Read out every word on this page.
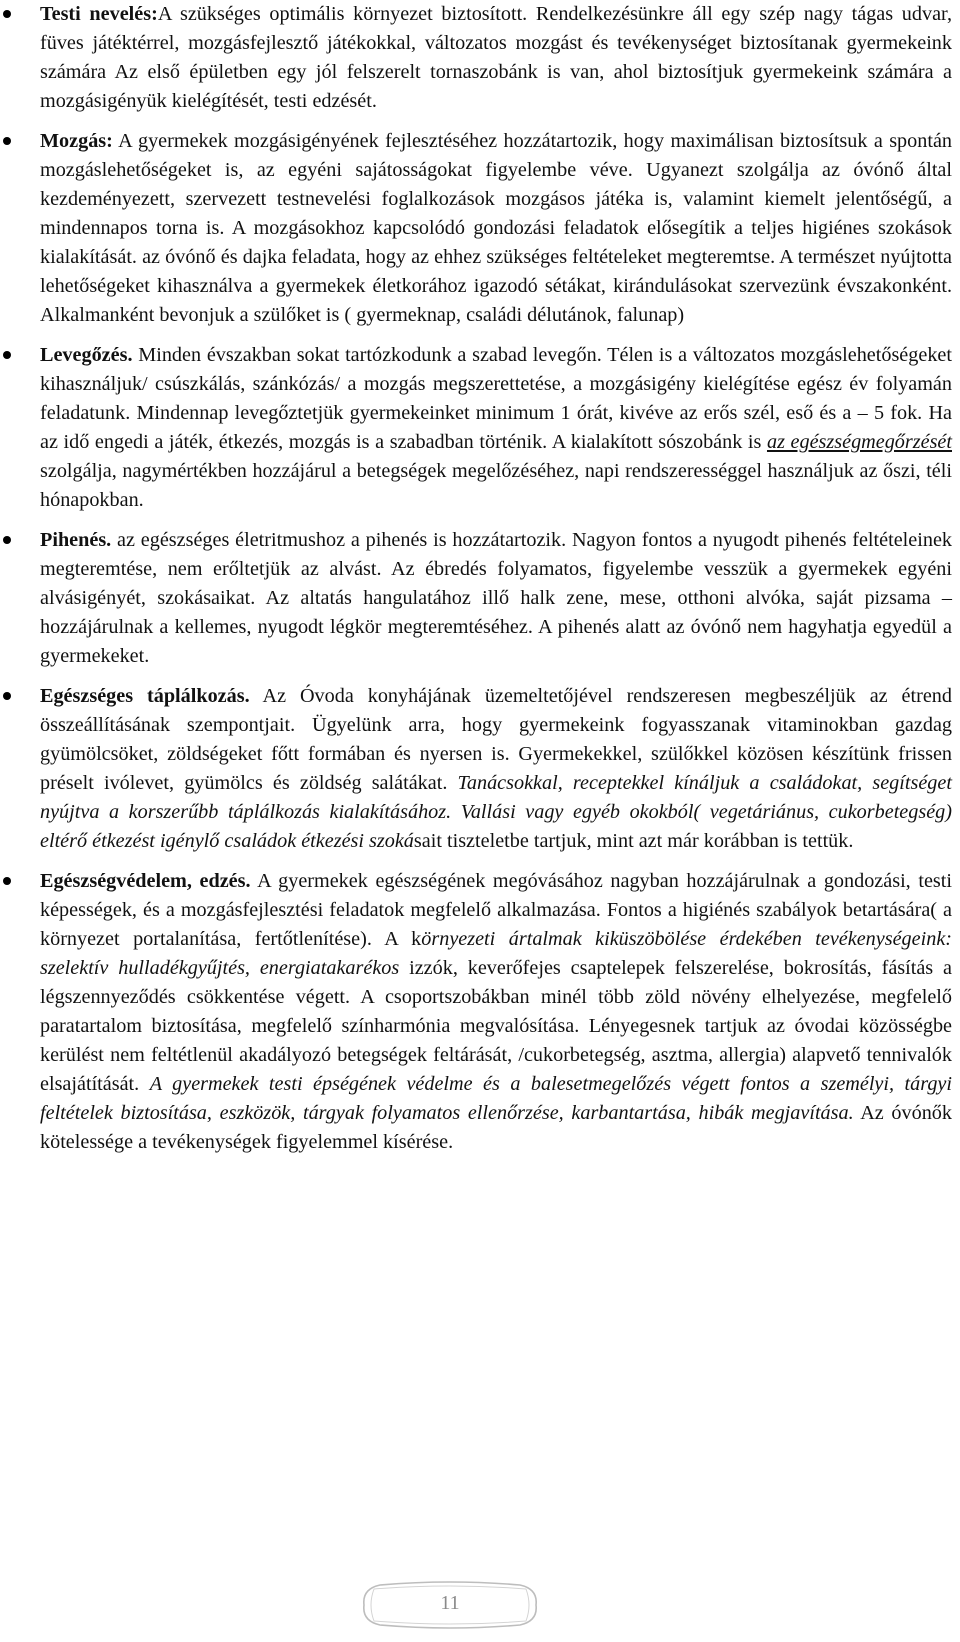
Testi nevelés:A szükséges optimális környezet biztosított. Rendelkezésünkre áll egy szép nagy tágas udvar, füves játéktérrel, mozgásfejlesztő játékokkal, változatos mozgást és tevékenységet biztosítanak gyermekeink számára Az első épületben egy jól felszerelt tornaszobánk is van, ahol biztosítjuk gyermekeink számára a mozgásigényük kielégítését, testi edzését.
Mozgás: A gyermekek mozgásigényének fejlesztéséhez hozzátartozik, hogy maximálisan biztosítsuk a spontán mozgáslehetőségeket is, az egyéni sajátosságokat figyelembe véve. Ugyanezt szolgálja az óvónő által kezdeményezett, szervezett testnevelési foglalkozások mozgásos játéka is, valamint kiemelt jelentőségű, a mindennapos torna is. A mozgásokhoz kapcsolódó gondozási feladatok elősegítik a teljes higiénes szokások kialakítását. az óvónő és dajka feladata, hogy az ehhez szükséges feltételeket megteremtse. A természet nyújtotta lehetőségeket kihasználva a gyermekek életkorához igazodó sétákat, kirándulásokat szervezünk évszakonként. Alkalmanként bevonjuk a szülőket is ( gyermeknap, családi délutánok, falunap)
Levegőzés. Minden évszakban sokat tartózkodunk a szabad levegőn. Télen is a változatos mozgáslehetőségeket kihasználjuk/ csúszkálás, szánkózás/ a mozgás megszerettetése, a mozgásigény kielégítése egész év folyamán feladatunk. Mindennap levegőztetjük gyermekeinket minimum 1 órát, kivéve az erős szél, eső és a – 5 fok. Ha az idő engedi a játék, étkezés, mozgás is a szabadban történik. A kialakított sószobánk is az egészségmegőrzését szolgálja, nagymértékben hozzájárul a betegségek megelőzéséhez, napi rendszerességgel használjuk az őszi, téli hónapokban.
Pihenés. az egészséges életritmushoz a pihenés is hozzátartozik. Nagyon fontos a nyugodt pihenés feltételeinek megteremtése, nem erőltetjük az alvást. Az ébredés folyamatos, figyelembe vesszük a gyermekek egyéni alvásigényét, szokásaikat. Az altatás hangulatához illő halk zene, mese, otthoni alvóka, saját pizsama – hozzájárulnak a kellemes, nyugodt légkör megteremtéséhez. A pihenés alatt az óvónő nem hagyhatja egyedül a gyermekeket.
Egészséges táplálkozás. Az Óvoda konyhájának üzemeltetőjével rendszeresen megbeszéljük az étrend összeállításának szempontjait. Ügyelünk arra, hogy gyermekeink fogyasszanak vitaminokban gazdag gyümölcsöket, zöldségeket főtt formában és nyersen is. Gyermekekkel, szülőkkel közösen készítünk frissen préselt ivólevet, gyümölcs és zöldség salátákat. Tanácsokkal, receptekkel kínáljuk a családokat, segítséget nyújtva a korszerűbb táplálkozás kialakításához. Vallási vagy egyéb okokból( vegetáriánus, cukorbetegség) eltérő étkezést igénylő családok étkezési szokásait tiszteletbe tartjuk, mint azt már korábban is tettük.
Egészségvédelem, edzés. A gyermekek egészségének megóvásához nagyban hozzájárulnak a gondozási, testi képességek, és a mozgásfejlesztési feladatok megfelelő alkalmazása. Fontos a higiénés szabályok betartására( a környezet portalanítása, fertőtlenítése). A környezeti ártalmak kiküszöbölése érdekében tevékenységeink: szelektív hulladékgyűjtés, energiatakarékos izzók, keverőfejes csaptelepek felszerelése, bokrosítás, fásítás a légszennyeződés csökkentése végett. A csoportszobákban minél több zöld növény elhelyezése, megfelelő paratartalom biztosítása, megfelelő színharmónia megvalósítása. Lényegesnek tartjuk az óvodai közösségbe kerülést nem feltétlenül akadályozó betegségek feltárását, /cukorbetegség, asztma, allergia) alapvető tennivalók elsajátítását. A gyermekek testi épségének védelme és a balesetmegelőzés végett fontos a személyi, tárgyi feltételek biztosítása, eszközök, tárgyak folyamatos ellenőrzése, karbantartása, hibák megjavítása. Az óvónők kötelessége a tevékenységek figyelemmel kísérése.
11
